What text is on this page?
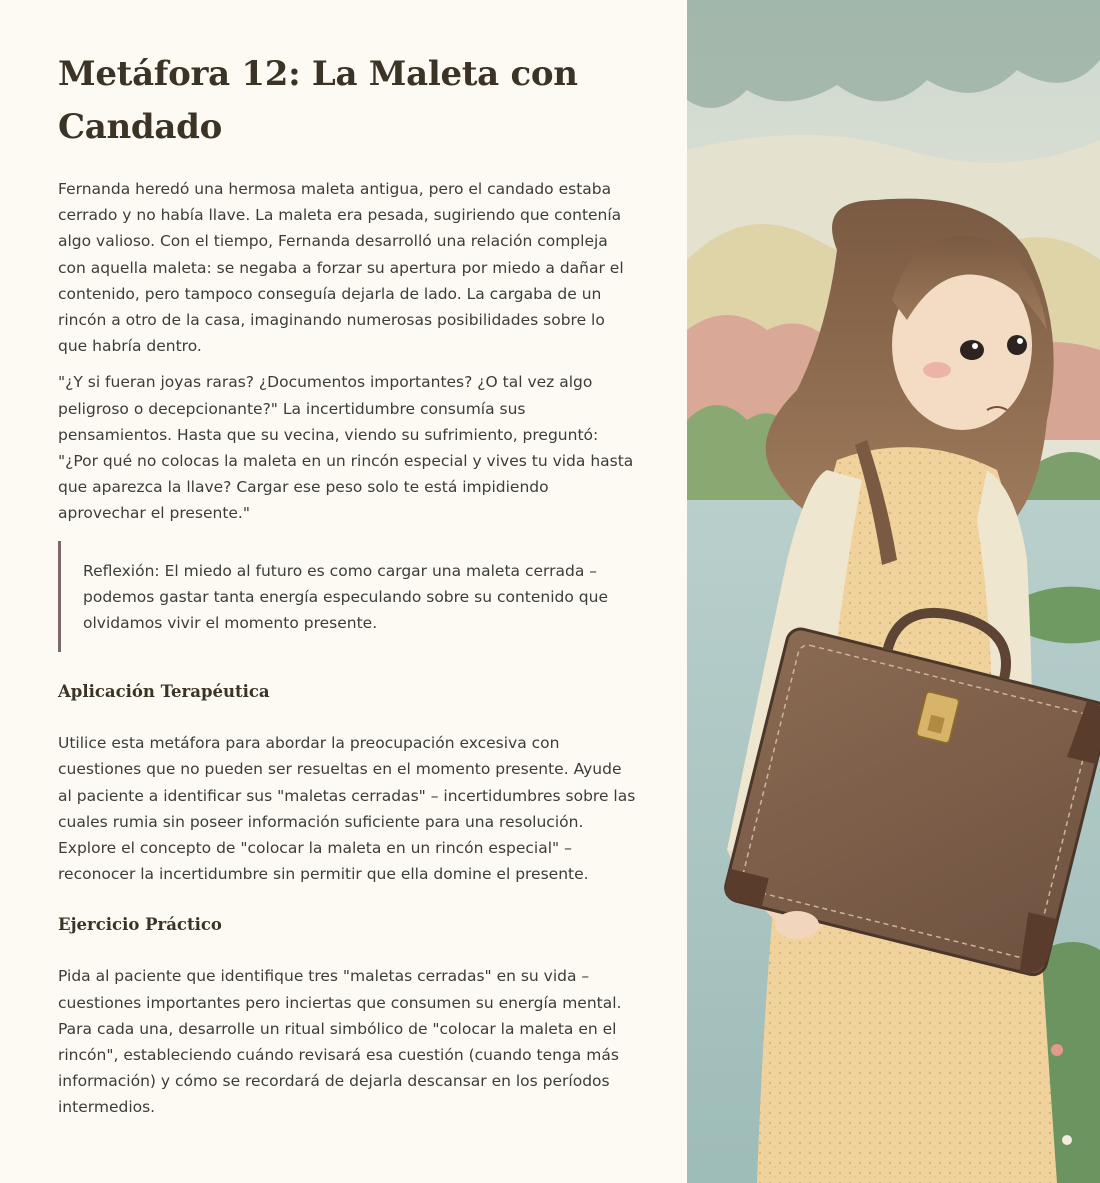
Metáfora 12: La Maleta con Candado

Fernanda heredó una hermosa maleta antigua, pero el candado estaba cerrado y no había llave. La maleta era pesada, sugiriendo que contenía algo valioso. Con el tiempo, Fernanda desarrolló una relación compleja con aquella maleta: se negaba a forzar su apertura por miedo a dañar el contenido, pero tampoco conseguía dejarla de lado. La cargaba de un rincón a otro de la casa, imaginando numerosas posibilidades sobre lo que habría dentro.

"¿Y si fueran joyas raras? ¿Documentos importantes? ¿O tal vez algo peligroso o decepcionante?" La incertidumbre consumía sus pensamientos. Hasta que su vecina, viendo su sufrimiento, preguntó: "¿Por qué no colocas la maleta en un rincón especial y vives tu vida hasta que aparezca la llave? Cargar ese peso solo te está impidiendo aprovechar el presente."

Reflexión: El miedo al futuro es como cargar una maleta cerrada – podemos gastar tanta energía especulando sobre su contenido que olvidamos vivir el momento presente.

Aplicación Terapéutica

Utilice esta metáfora para abordar la preocupación excesiva con cuestiones que no pueden ser resueltas en el momento presente. Ayude al paciente a identificar sus "maletas cerradas" – incertidumbres sobre las cuales rumia sin poseer información suficiente para una resolución. Explore el concepto de "colocar la maleta en un rincón especial" – reconocer la incertidumbre sin permitir que ella domine el presente.

Ejercicio Práctico

Pida al paciente que identifique tres "maletas cerradas" en su vida – cuestiones importantes pero inciertas que consumen su energía mental. Para cada una, desarrolle un ritual simbólico de "colocar la maleta en el rincón", estableciendo cuándo revisará esa cuestión (cuando tenga más información) y cómo se recordará de dejarla descansar en los períodos intermedios.
